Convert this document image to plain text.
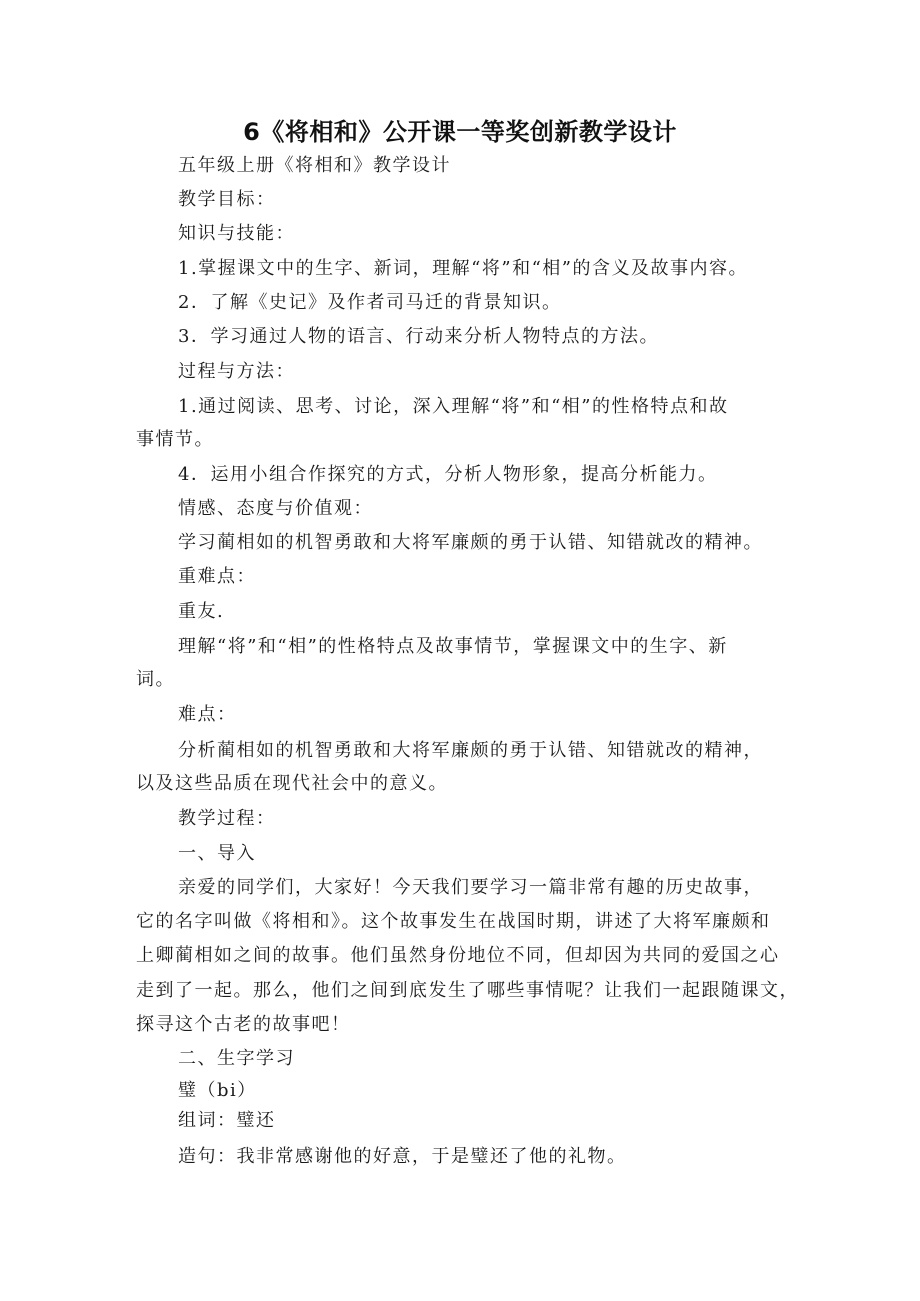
6《将相和》公开课一等奖创新教学设计
五年级上册《将相和》教学设计
教学目标：
知识与技能：
1.掌握课文中的生字、新词，理解“将”和“相”的含义及故事内容。
2．了解《史记》及作者司马迁的背景知识。
3．学习通过人物的语言、行动来分析人物特点的方法。
过程与方法：
1.通过阅读、思考、讨论，深入理解“将”和“相”的性格特点和故
事情节。
4．运用小组合作探究的方式，分析人物形象，提高分析能力。
情感、态度与价值观：
学习蔺相如的机智勇敢和大将军廉颇的勇于认错、知错就改的精神。
重难点：
重友.
理解“将”和“相”的性格特点及故事情节，掌握课文中的生字、新
词。
难点：
分析蔺相如的机智勇敢和大将军廉颇的勇于认错、知错就改的精神，
以及这些品质在现代社会中的意义。
教学过程：
一、导入
亲爱的同学们，大家好！今天我们要学习一篇非常有趣的历史故事，
它的名字叫做《将相和》。这个故事发生在战国时期，讲述了大将军廉颇和
上卿蔺相如之间的故事。他们虽然身份地位不同，但却因为共同的爱国之心
走到了一起。那么，他们之间到底发生了哪些事情呢？让我们一起跟随课文，
探寻这个古老的故事吧！
二、生字学习
璧（bi）
组词：璧还
造句：我非常感谢他的好意，于是璧还了他的礼物。
